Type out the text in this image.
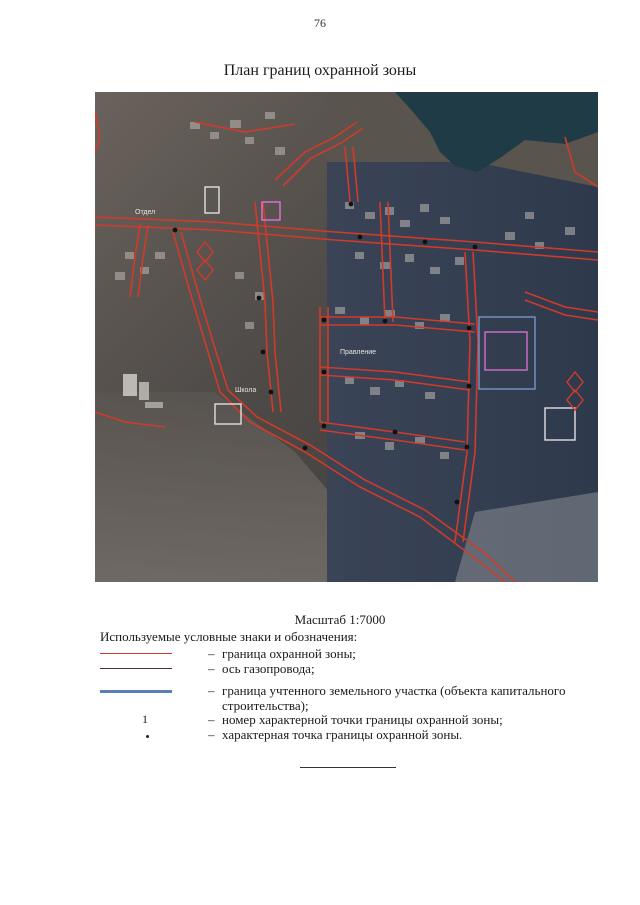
76
План границ охранной зоны
Отдел
Правление
Школа
Масштаб 1:7000
Используемые условные знаки и обозначения:
– граница охранной зоны;
– ось газопровода;
– граница учтенного земельного участка (объекта капитального строительства);
1	– номер характерной точки границы охранной зоны;
– характерная точка границы охранной зоны.
